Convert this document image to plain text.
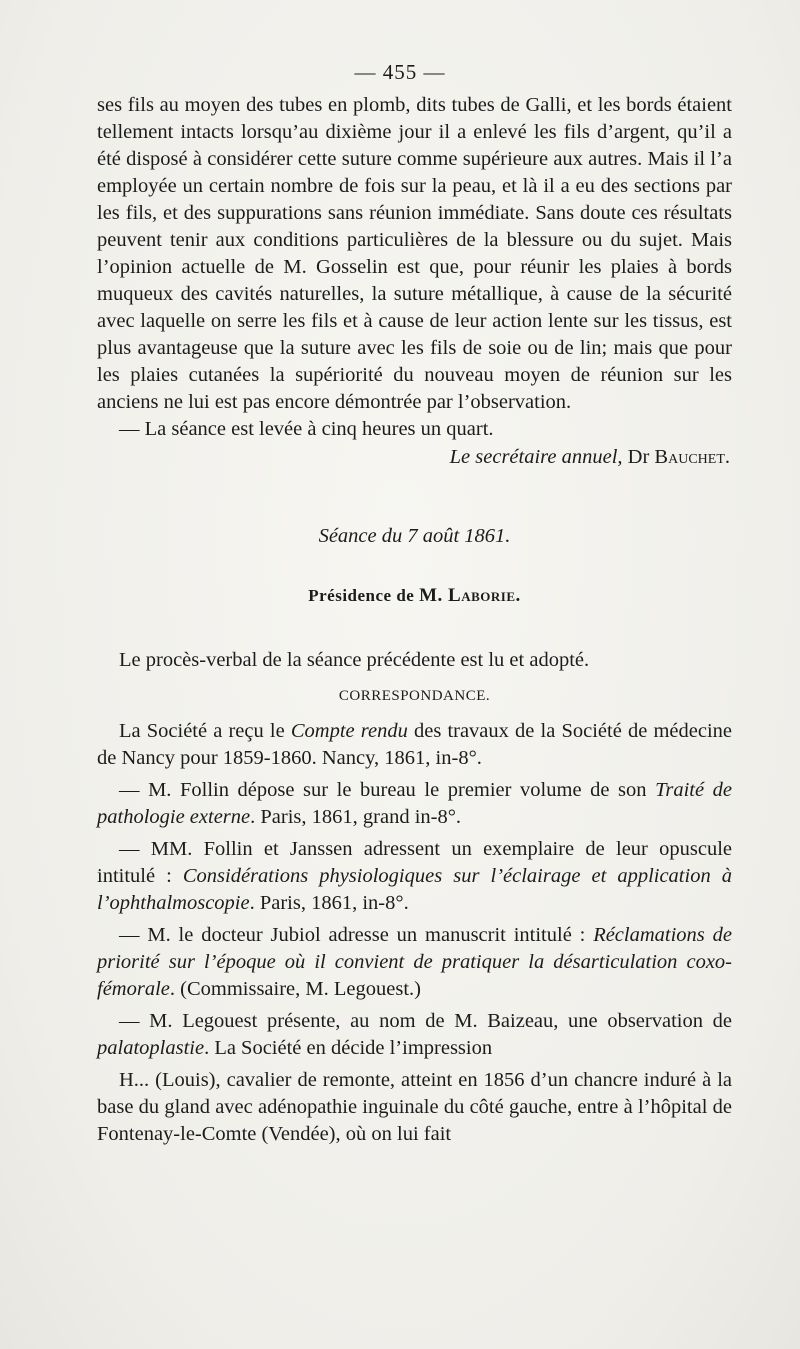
— 455 —

ses fils au moyen des tubes en plomb, dits tubes de Galli, et les bords étaient tellement intacts lorsqu’au dixième jour il a enlevé les fils d’argent, qu’il a été disposé à considérer cette suture comme supérieure aux autres. Mais il l’a employée un certain nombre de fois sur la peau, et là il a eu des sections par les fils, et des suppurations sans réunion immédiate. Sans doute ces résultats peuvent tenir aux conditions particulières de la blessure ou du sujet. Mais l’opinion actuelle de M. Gosselin est que, pour réunir les plaies à bords muqueux des cavités naturelles, la suture métallique, à cause de la sécurité avec laquelle on serre les fils et à cause de leur action lente sur les tissus, est plus avantageuse que la suture avec les fils de soie ou de lin; mais que pour les plaies cutanées la supériorité du nouveau moyen de réunion sur les anciens ne lui est pas encore démontrée par l’observation.

— La séance est levée à cinq heures un quart.

Le secrétaire annuel, Dr Bauchet.

Séance du 7 août 1861.

Présidence de M. Laborie.

Le procès-verbal de la séance précédente est lu et adopté.

CORRESPONDANCE.

La Société a reçu le Compte rendu des travaux de la Société de médecine de Nancy pour 1859-1860. Nancy, 1861, in-8°.

— M. Follin dépose sur le bureau le premier volume de son Traité de pathologie externe. Paris, 1861, grand in-8°.

— MM. Follin et Janssen adressent un exemplaire de leur opuscule intitulé : Considérations physiologiques sur l’éclairage et application à l’ophthalmoscopie. Paris, 1861, in-8°.

— M. le docteur Jubiol adresse un manuscrit intitulé : Réclamations de priorité sur l’époque où il convient de pratiquer la désarticulation coxo-fémorale. (Commissaire, M. Legouest.)

— M. Legouest présente, au nom de M. Baizeau, une observation de palatoplastie. La Société en décide l’impression

H... (Louis), cavalier de remonte, atteint en 1856 d’un chancre induré à la base du gland avec adénopathie inguinale du côté gauche, entre à l’hôpital de Fontenay-le-Comte (Vendée), où on lui fait
